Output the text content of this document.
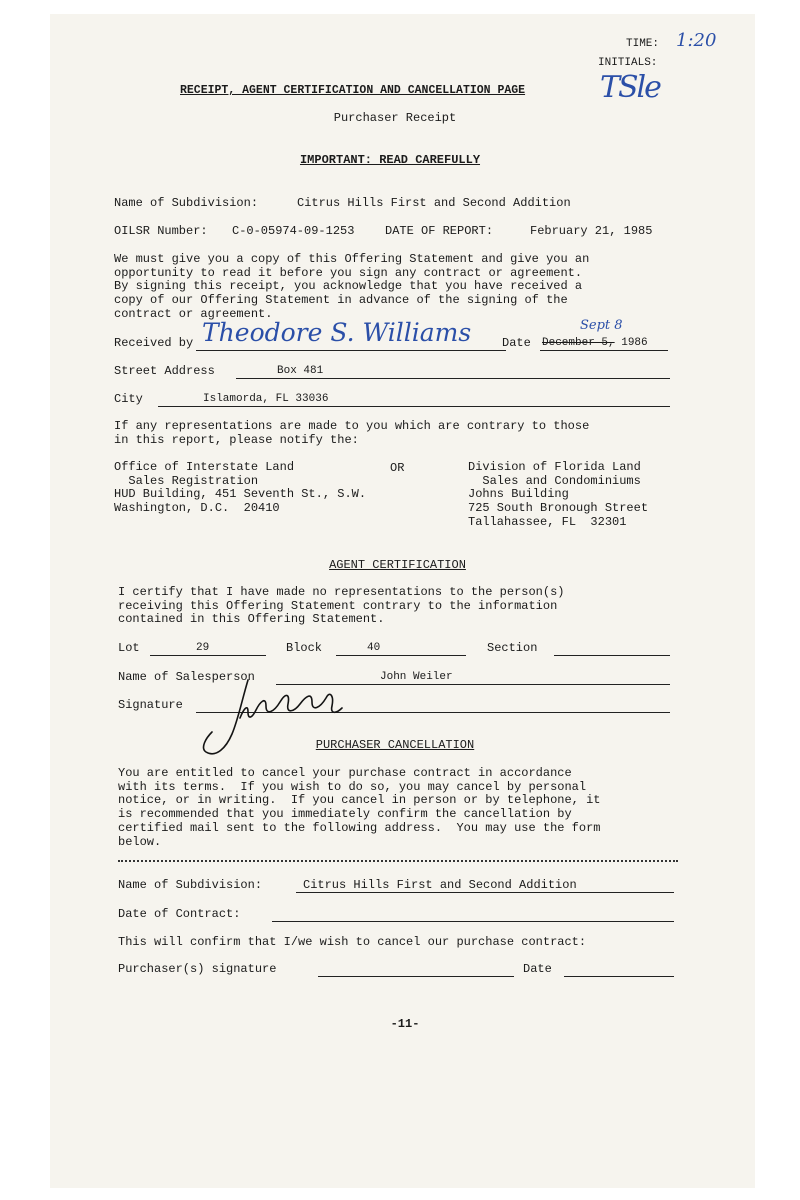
TIME: 1:20
INITIALS:
TSle
RECEIPT, AGENT CERTIFICATION AND CANCELLATION PAGE
Purchaser Receipt
IMPORTANT: READ CAREFULLY
Name of Subdivision:	Citrus Hills First and Second Addition
OILSR Number: C-0-05974-09-1253	DATE OF REPORT:	February 21, 1985
We must give you a copy of this Offering Statement and give you an
opportunity to read it before you sign any contract or agreement.
By signing this receipt, you acknowledge that you have received a
copy of our Offering Statement in advance of the signing of the
contract or agreement.
Received by Theodore S. Williams	Date December 5, 1986
Sept 8
Street Address	Box 481
City	Islamorda, FL 33036
If any representations are made to you which are contrary to those
in this report, please notify the:
Office of Interstate Land
Sales Registration
HUD Building, 451 Seventh St., S.W.
Washington, D.C.  20410
OR	Division of Florida Land
Sales and Condominiums
Johns Building
725 South Bronough Street
Tallahassee, FL  32301
AGENT CERTIFICATION
I certify that I have made no representations to the person(s)
receiving this Offering Statement contrary to the information
contained in this Offering Statement.
Lot	29	Block	40	Section
Name of Salesperson	John Weiler
Signature
PURCHASER CANCELLATION
You are entitled to cancel your purchase contract in accordance
with its terms.  If you wish to do so, you may cancel by personal
notice, or in writing.  If you cancel in person or by telephone, it
is recommended that you immediately confirm the cancellation by
certified mail sent to the following address.  You may use the form
below.
Name of Subdivision:	Citrus Hills First and Second Addition
Date of Contract:
This will confirm that I/we wish to cancel our purchase contract:
Purchaser(s) signature	Date
-11-
